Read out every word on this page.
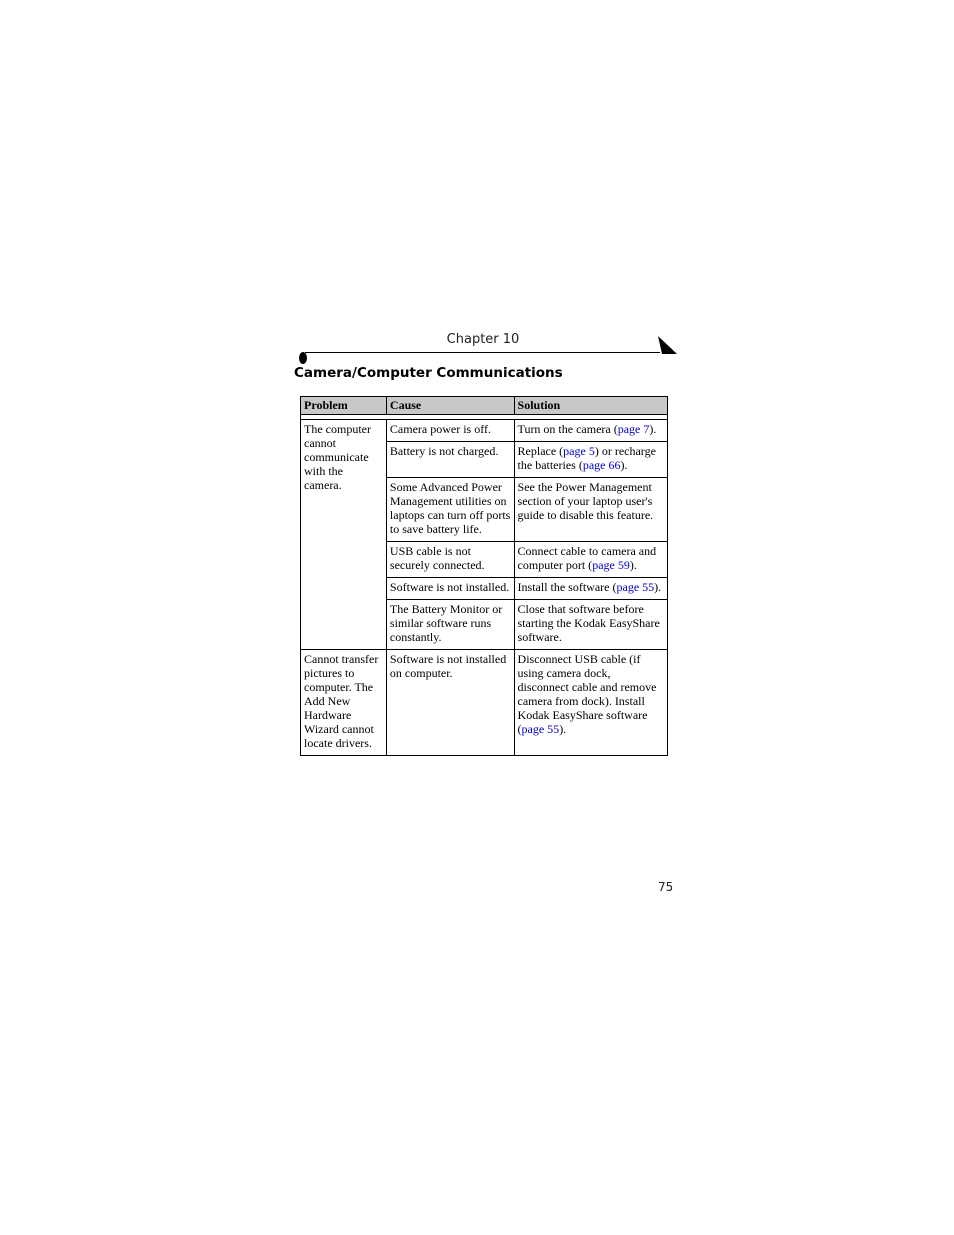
Chapter 10
Camera/Computer Communications
Problem	Cause	Solution

The computer cannot communicate with the camera.	Camera power is off.	Turn on the camera (page 7).
	Battery is not charged.	Replace (page 5) or recharge the batteries (page 66).
	Some Advanced Power Management utilities on laptops can turn off ports to save battery life.	See the Power Management section of your laptop user's guide to disable this feature.
	USB cable is not securely connected.	Connect cable to camera and computer port (page 59).
	Software is not installed.	Install the software (page 55).
	The Battery Monitor or similar software runs constantly.	Close that software before starting the Kodak EasyShare software.
Cannot transfer pictures to computer. The Add New Hardware Wizard cannot locate drivers.	Software is not installed on computer.	Disconnect USB cable (if using camera dock, disconnect cable and remove camera from dock). Install Kodak EasyShare software (page 55).
75
